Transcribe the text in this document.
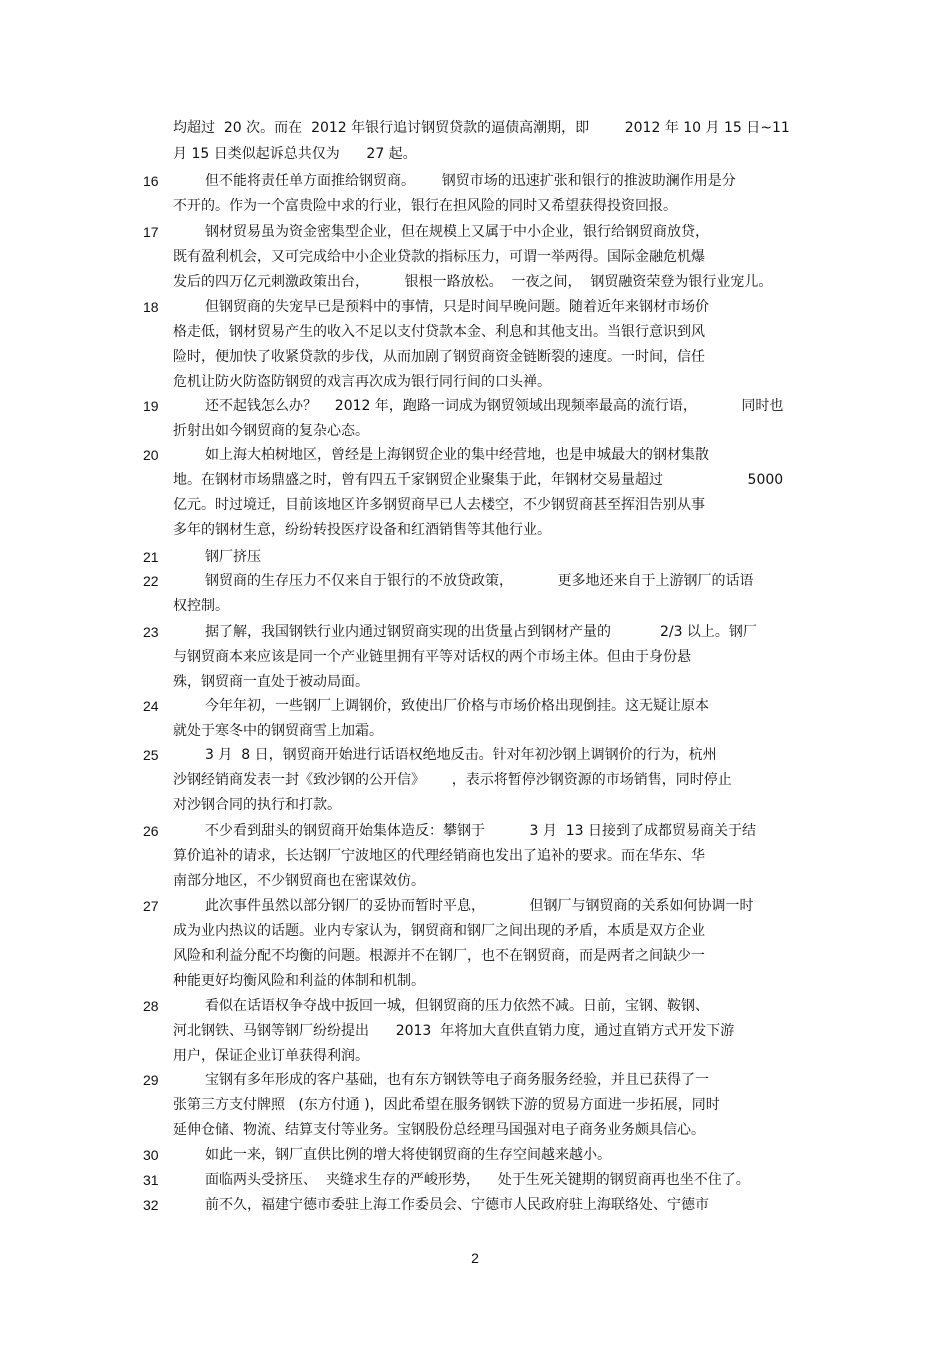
均超过  20 次。而在  2012 年银行追讨钢贸贷款的逼债高潮期，即        2012 年 10 月 15 日~11
月 15 日类似起诉总共仅为      27 起。
16	但不能将责任单方面推给钢贸商。      钢贸市场的迅速扩张和银行的推波助澜作用是分
不开的。作为一个富贵险中求的行业，银行在担风险的同时又希望获得投资回报。
17	钢材贸易虽为资金密集型企业，但在规模上又属于中小企业，银行给钢贸商放贷，
既有盈利机会，又可完成给中小企业贷款的指标压力，可谓一举两得。国际金融危机爆
发后的四万亿元刺激政策出台，        银根一路放松。  一夜之间，  钢贸融资荣登为银行业宠儿。
18	但钢贸商的失宠早已是预料中的事情，只是时间早晚问题。随着近年来钢材市场价
格走低，钢材贸易产生的收入不足以支付贷款本金、利息和其他支出。当银行意识到风
险时，便加快了收紧贷款的步伐，从而加剧了钢贸商资金链断裂的速度。一时间，信任
危机让防火防盗防钢贸的戏言再次成为银行同行间的口头禅。
19	还不起钱怎么办？    2012 年，跑路一词成为钢贸领域出现频率最高的流行语，          同时也
折射出如今钢贸商的复杂心态。
20	如上海大柏树地区，曾经是上海钢贸企业的集中经营地，也是申城最大的钢材集散
地。在钢材市场鼎盛之时，曾有四五千家钢贸企业聚集于此，年钢材交易量超过                   5000
亿元。时过境迁，目前该地区许多钢贸商早已人去楼空，不少钢贸商甚至挥泪告别从事
多年的钢材生意，纷纷转投医疗设备和红酒销售等其他行业。
21	钢厂挤压
22	钢贸商的生存压力不仅来自于银行的不放贷政策，          更多地还来自于上游钢厂的话语
权控制。
23	据了解，我国钢铁行业内通过钢贸商实现的出货量占到钢材产量的           2/3 以上。钢厂
与钢贸商本来应该是同一个产业链里拥有平等对话权的两个市场主体。但由于身份悬
殊，钢贸商一直处于被动局面。
24	今年年初，一些钢厂上调钢价，致使出厂价格与市场价格出现倒挂。这无疑让原本
就处于寒冬中的钢贸商雪上加霜。
25	3 月  8 日，钢贸商开始进行话语权绝地反击。针对年初沙钢上调钢价的行为，杭州
沙钢经销商发表一封《致沙钢的公开信》      ，表示将暂停沙钢资源的市场销售，同时停止
对沙钢合同的执行和打款。
26	不少看到甜头的钢贸商开始集体造反：攀钢于          3 月  13 日接到了成都贸易商关于结
算价追补的请求，长达钢厂宁波地区的代理经销商也发出了追补的要求。而在华东、华
南部分地区，不少钢贸商也在密谋效仿。
27	此次事件虽然以部分钢厂的妥协而暂时平息，          但钢厂与钢贸商的关系如何协调一时
成为业内热议的话题。业内专家认为，钢贸商和钢厂之间出现的矛盾，本质是双方企业
风险和利益分配不均衡的问题。根源并不在钢厂，也不在钢贸商，而是两者之间缺少一
种能更好均衡风险和利益的体制和机制。
28	看似在话语权争夺战中扳回一城，但钢贸商的压力依然不减。日前，宝钢、鞍钢、
河北钢铁、马钢等钢厂纷纷提出      2013  年将加大直供直销力度，通过直销方式开发下游
用户，保证企业订单获得利润。
29	宝钢有多年形成的客户基础，也有东方钢铁等电子商务服务经验，并且已获得了一
张第三方支付牌照   (东方付通 )，因此希望在服务钢铁下游的贸易方面进一步拓展，同时
延伸仓储、物流、结算支付等业务。宝钢股份总经理马国强对电子商务业务颇具信心。
30	如此一来，钢厂直供比例的增大将使钢贸商的生存空间越来越小。
31	面临两头受挤压、  夹缝求生存的严峻形势，    处于生死关键期的钢贸商再也坐不住了。
32	前不久，福建宁德市委驻上海工作委员会、宁德市人民政府驻上海联络处、宁德市
2
